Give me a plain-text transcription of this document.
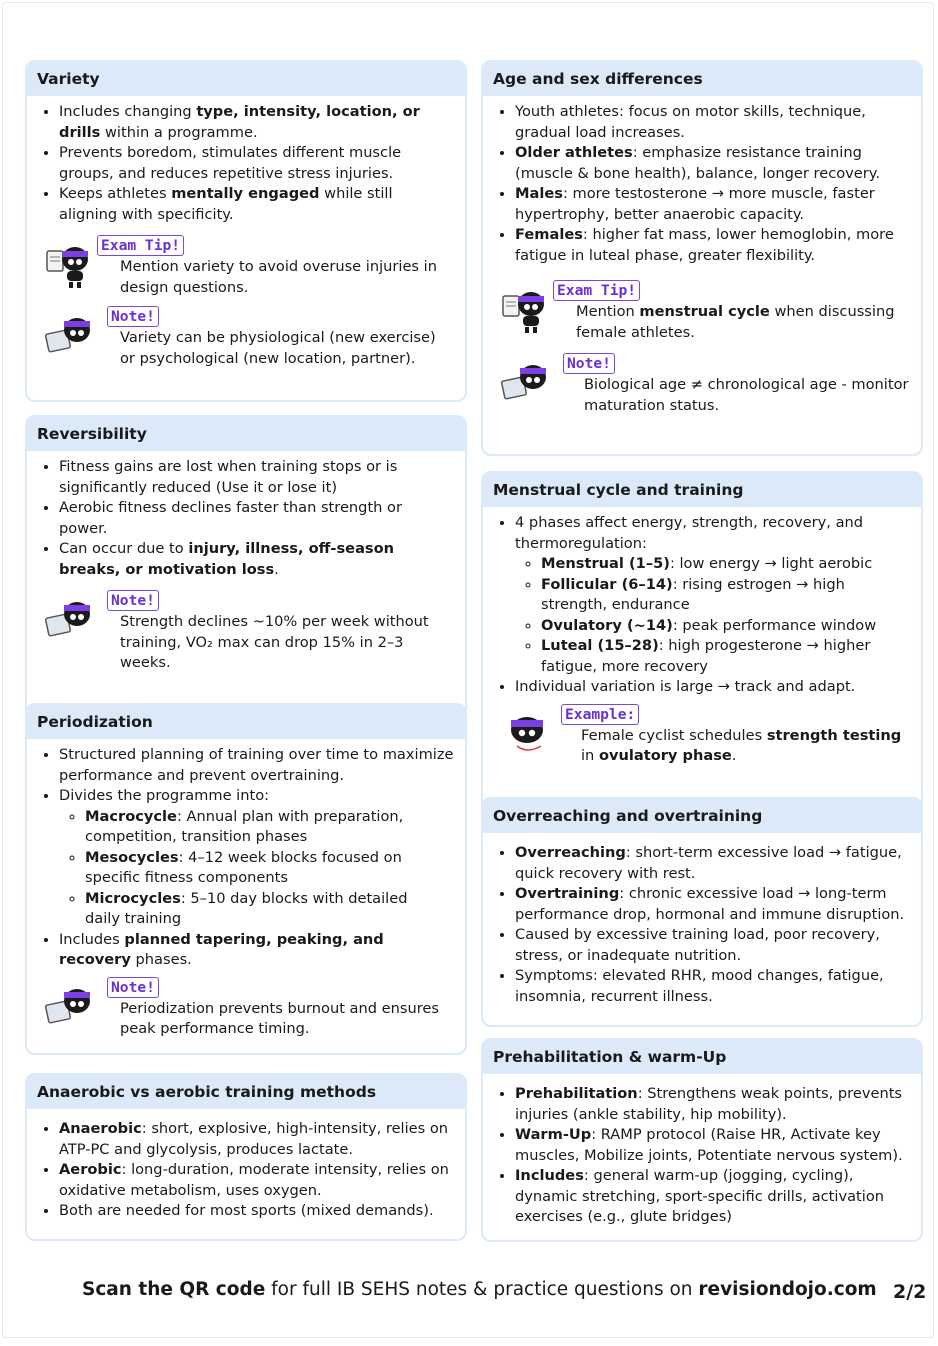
Variety
• Includes changing type, intensity, location, or drills within a programme.
• Prevents boredom, stimulates different muscle groups, and reduces repetitive stress injuries.
• Keeps athletes mentally engaged while still aligning with specificity.
Exam Tip!
Mention variety to avoid overuse injuries in design questions.
Note!
Variety can be physiological (new exercise) or psychological (new location, partner).
Reversibility
• Fitness gains are lost when training stops or is significantly reduced (Use it or lose it)
• Aerobic fitness declines faster than strength or power.
• Can occur due to injury, illness, off-season breaks, or motivation loss.
Note!
Strength declines ~10% per week without training, VO₂ max can drop 15% in 2–3 weeks.
Periodization
• Structured planning of training over time to maximize performance and prevent overtraining.
• Divides the programme into:
◦ Macrocycle: Annual plan with preparation, competition, transition phases
◦ Mesocycles: 4–12 week blocks focused on specific fitness components
◦ Microcycles: 5–10 day blocks with detailed daily training
• Includes planned tapering, peaking, and recovery phases.
Note!
Periodization prevents burnout and ensures peak performance timing.
Anaerobic vs aerobic training methods
• Anaerobic: short, explosive, high-intensity, relies on ATP-PC and glycolysis, produces lactate.
• Aerobic: long-duration, moderate intensity, relies on oxidative metabolism, uses oxygen.
• Both are needed for most sports (mixed demands).
Age and sex differences
• Youth athletes: focus on motor skills, technique, gradual load increases.
• Older athletes: emphasize resistance training (muscle & bone health), balance, longer recovery.
• Males: more testosterone → more muscle, faster hypertrophy, better anaerobic capacity.
• Females: higher fat mass, lower hemoglobin, more fatigue in luteal phase, greater flexibility.
Exam Tip!
Mention menstrual cycle when discussing female athletes.
Note!
Biological age ≠ chronological age - monitor maturation status.
Menstrual cycle and training
• 4 phases affect energy, strength, recovery, and thermoregulation:
◦ Menstrual (1–5): low energy → light aerobic
◦ Follicular (6–14): rising estrogen → high strength, endurance
◦ Ovulatory (~14): peak performance window
◦ Luteal (15–28): high progesterone → higher fatigue, more recovery
• Individual variation is large → track and adapt.
Example:
Female cyclist schedules strength testing in ovulatory phase.
Overreaching and overtraining
• Overreaching: short-term excessive load → fatigue, quick recovery with rest.
• Overtraining: chronic excessive load → long-term performance drop, hormonal and immune disruption.
• Caused by excessive training load, poor recovery, stress, or inadequate nutrition.
• Symptoms: elevated RHR, mood changes, fatigue, insomnia, recurrent illness.
Prehabilitation & warm-Up
• Prehabilitation: Strengthens weak points, prevents injuries (ankle stability, hip mobility).
• Warm-Up: RAMP protocol (Raise HR, Activate key muscles, Mobilize joints, Potentiate nervous system).
• Includes: general warm-up (jogging, cycling), dynamic stretching, sport-specific drills, activation exercises (e.g., glute bridges)
Scan the QR code for full IB SEHS notes & practice questions on revisiondojo.com 2/2
